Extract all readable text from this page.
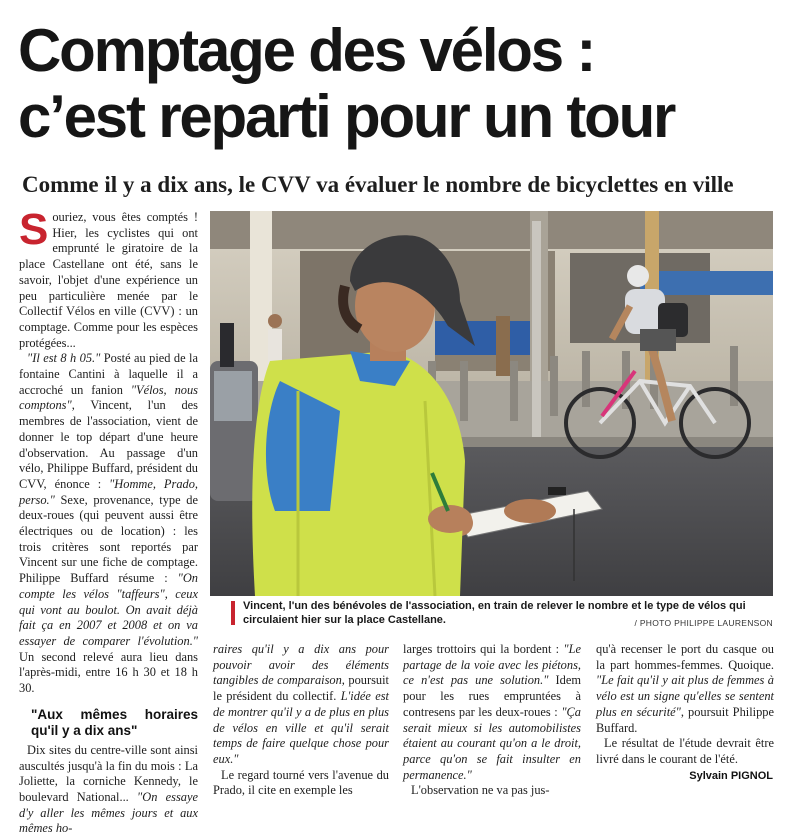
Comptage des vélos :
c’est reparti pour un tour
Comme il y a dix ans, le CVV va évaluer le nombre de bicyclettes en ville

Souriez, vous êtes comptés ! Hier, les cyclistes qui ont emprunté le giratoire de la place Castellane ont été, sans le savoir, l'objet d'une expérience un peu particulière menée par le Collectif Vélos en ville (CVV) : un comptage. Comme pour les espèces protégées...

"Il est 8 h 05." Posté au pied de la fontaine Cantini à laquelle il a accroché un fanion "Vélos, nous comptons", Vincent, l'un des membres de l'association, vient de donner le top départ d'une heure d'observation. Au passage d'un vélo, Philippe Buffard, président du CVV, énonce : "Homme, Prado, perso." Sexe, provenance, type de deux-roues (qui peuvent aussi être électriques ou de location) : les trois critères sont reportés par Vincent sur une fiche de comptage. Philippe Buffard résume : "On compte les vélos "taffeurs", ceux qui vont au boulot. On avait déjà fait ça en 2007 et 2008 et on va essayer de comparer l'évolution." Un second relevé aura lieu dans l'après-midi, entre 16 h 30 et 18 h 30.

"Aux mêmes horaires qu'il y a dix ans"

Dix sites du centre-ville sont ainsi auscultés jusqu'à la fin du mois : La Joliette, la corniche Kennedy, le boulevard National... "On essaye d'y aller les mêmes jours et aux mêmes ho-

Vincent, l'un des bénévoles de l'association, en train de relever le nombre et le type de vélos qui circulaient hier sur la place Castellane.	/ PHOTO PHILIPPE LAURENSON

raires qu'il y a dix ans pour pouvoir avoir des éléments tangibles de comparaison, poursuit le président du collectif. L'idée est de montrer qu'il y a de plus en plus de vélos en ville et qu'il serait temps de faire quelque chose pour eux."

Le regard tourné vers l'avenue du Prado, il cite en exemple les

larges trottoirs qui la bordent : "Le partage de la voie avec les piétons, ce n'est pas une solution." Idem pour les rues empruntées à contresens par les deux-roues : "Ça serait mieux si les automobilistes étaient au courant qu'on a le droit, parce qu'on se fait insulter en permanence."

L'observation ne va pas jus-

qu'à recenser le port du casque ou la part hommes-femmes. Quoique. "Le fait qu'il y ait plus de femmes à vélo est un signe qu'elles se sentent plus en sécurité", poursuit Philippe Buffard.

Le résultat de l'étude devrait être livré dans le courant de l'été.

Sylvain PIGNOL
